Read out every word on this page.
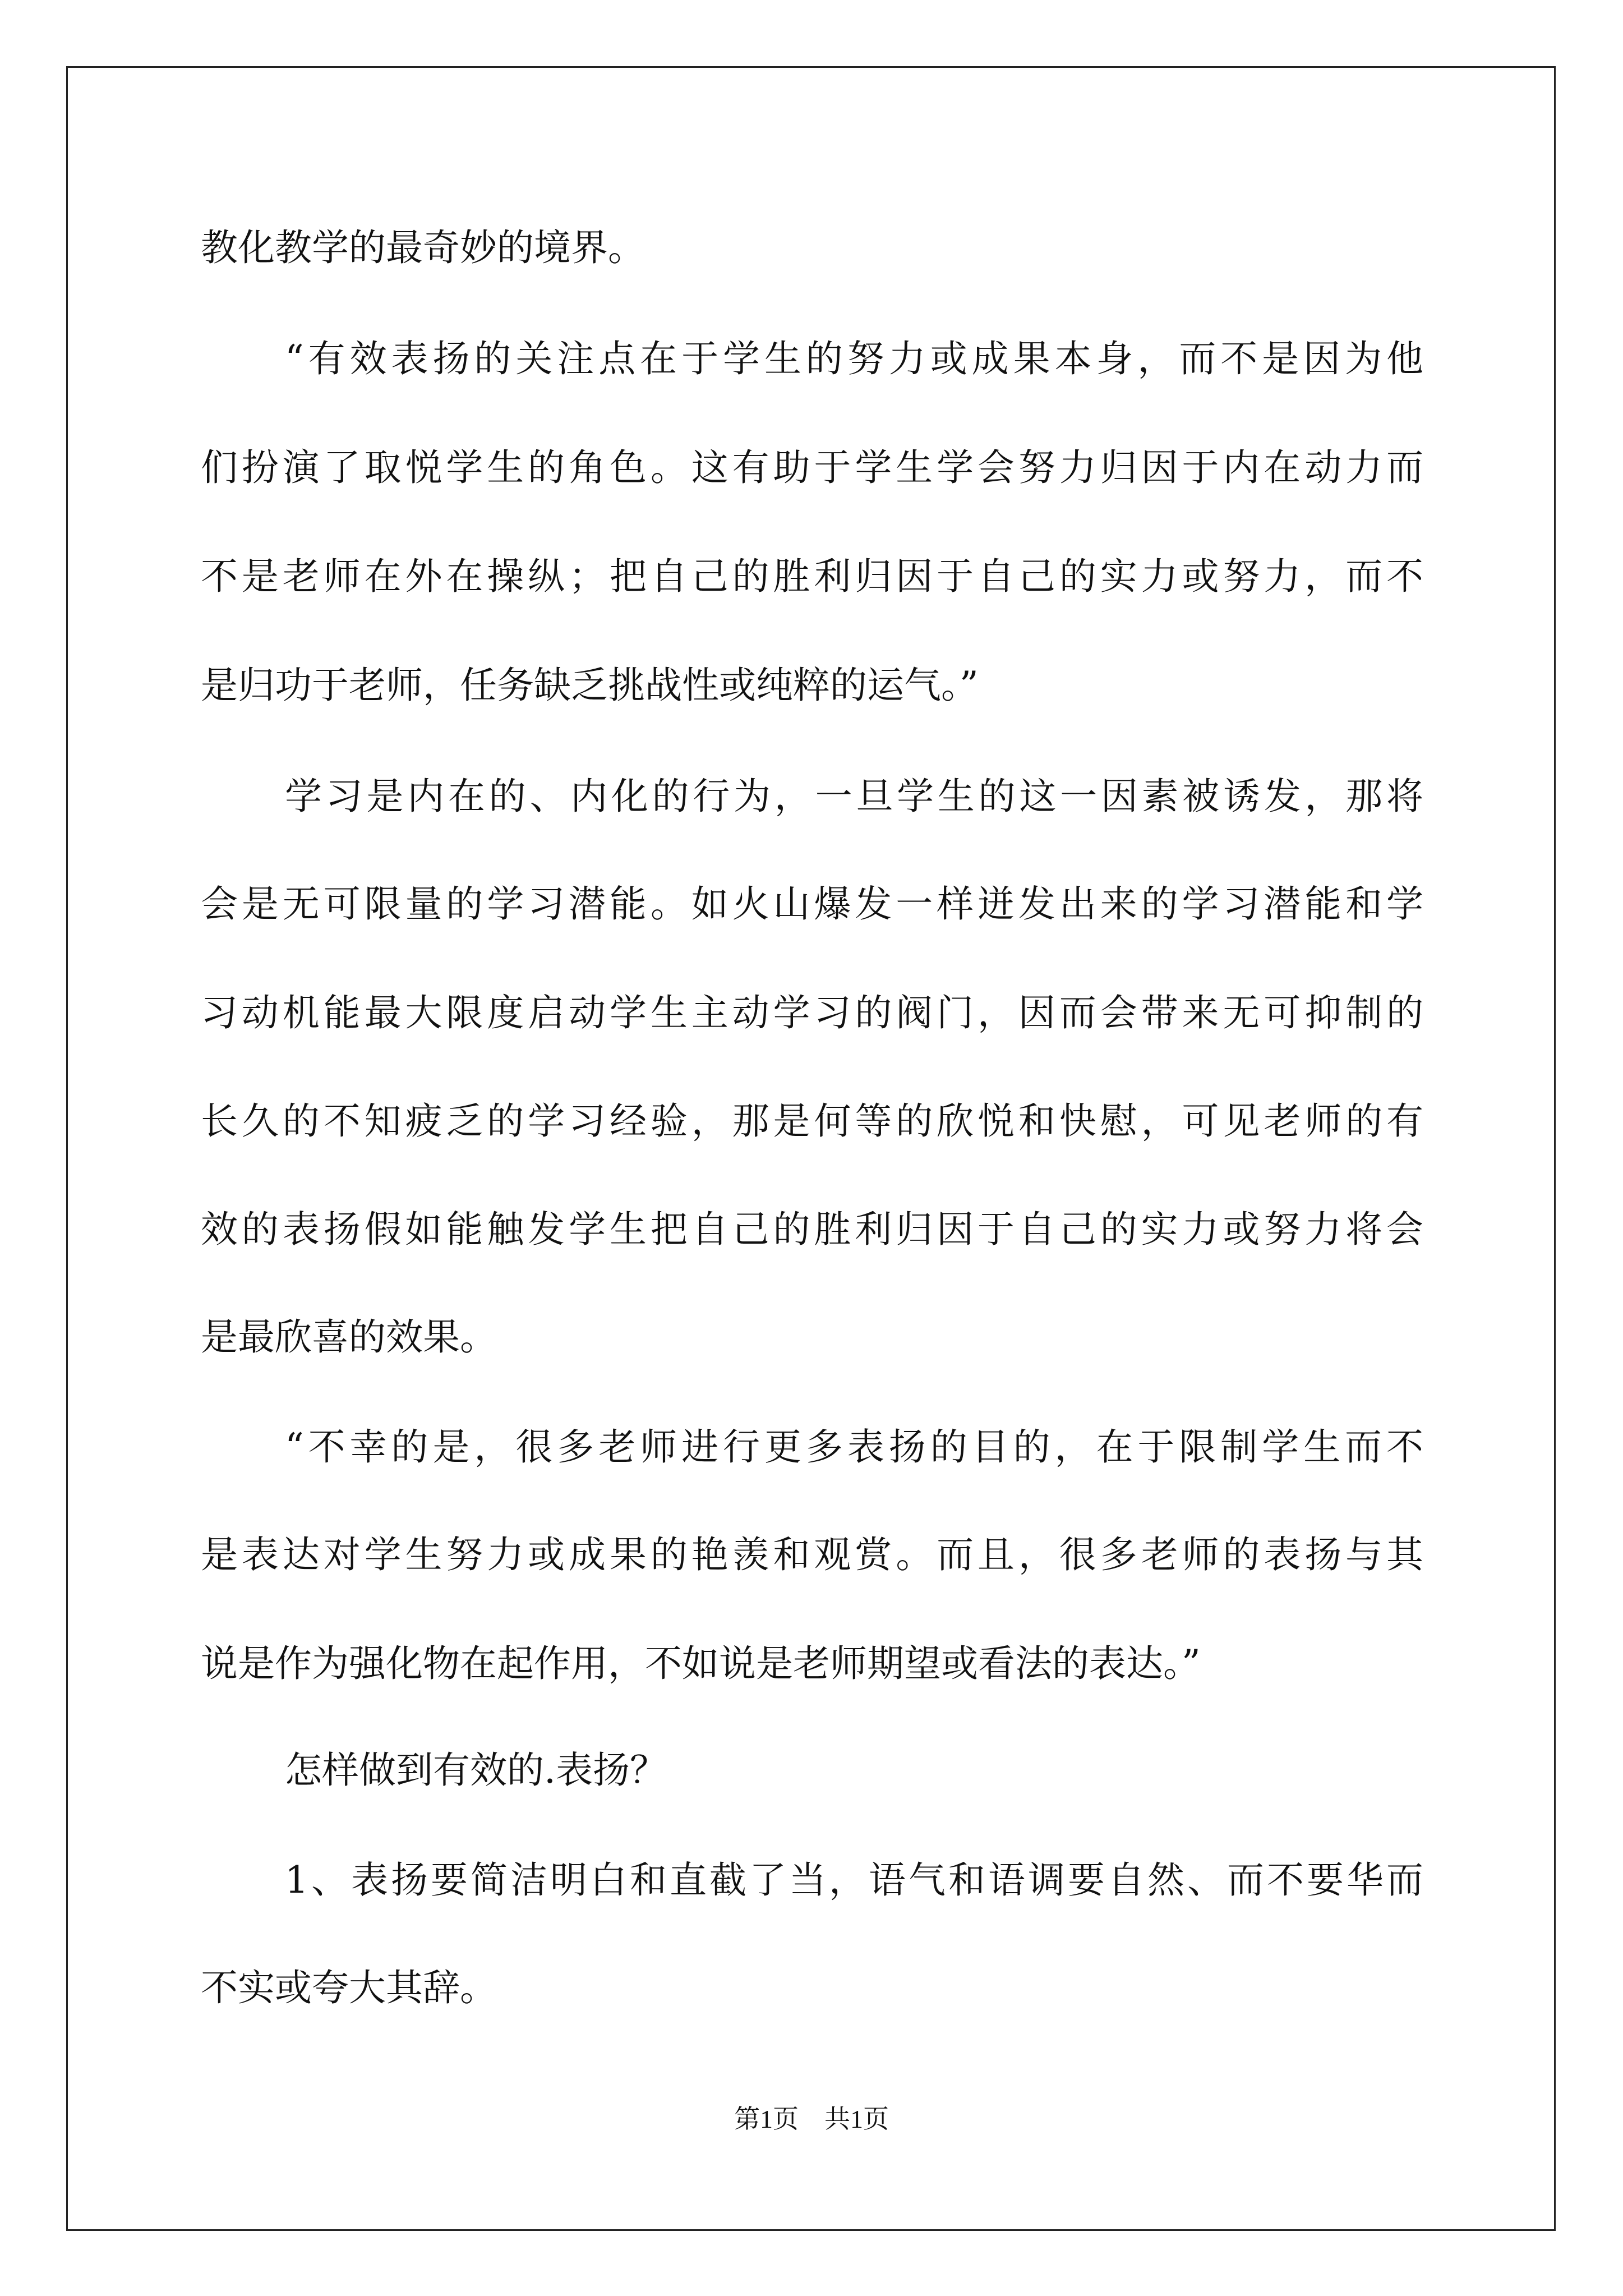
教化教学的最奇妙的境界。

“有效表扬的关注点在于学生的努力或成果本身，而不是因为他

们扮演了取悦学生的角色。这有助于学生学会努力归因于内在动力而

不是老师在外在操纵；把自己的胜利归因于自己的实力或努力，而不

是归功于老师，任务缺乏挑战性或纯粹的运气。”

学习是内在的、内化的行为，一旦学生的这一因素被诱发，那将

会是无可限量的学习潜能。如火山爆发一样迸发出来的学习潜能和学

习动机能最大限度启动学生主动学习的阀门，因而会带来无可抑制的

长久的不知疲乏的学习经验，那是何等的欣悦和快慰，可见老师的有

效的表扬假如能触发学生把自己的胜利归因于自己的实力或努力将会

是最欣喜的效果。

“不幸的是，很多老师进行更多表扬的目的，在于限制学生而不

是表达对学生努力或成果的艳羡和观赏。而且，很多老师的表扬与其

说是作为强化物在起作用，不如说是老师期望或看法的表达。”

怎样做到有效的.表扬？

1、表扬要简洁明白和直截了当，语气和语调要自然、而不要华而

不实或夸大其辞。

第1页 共1页
